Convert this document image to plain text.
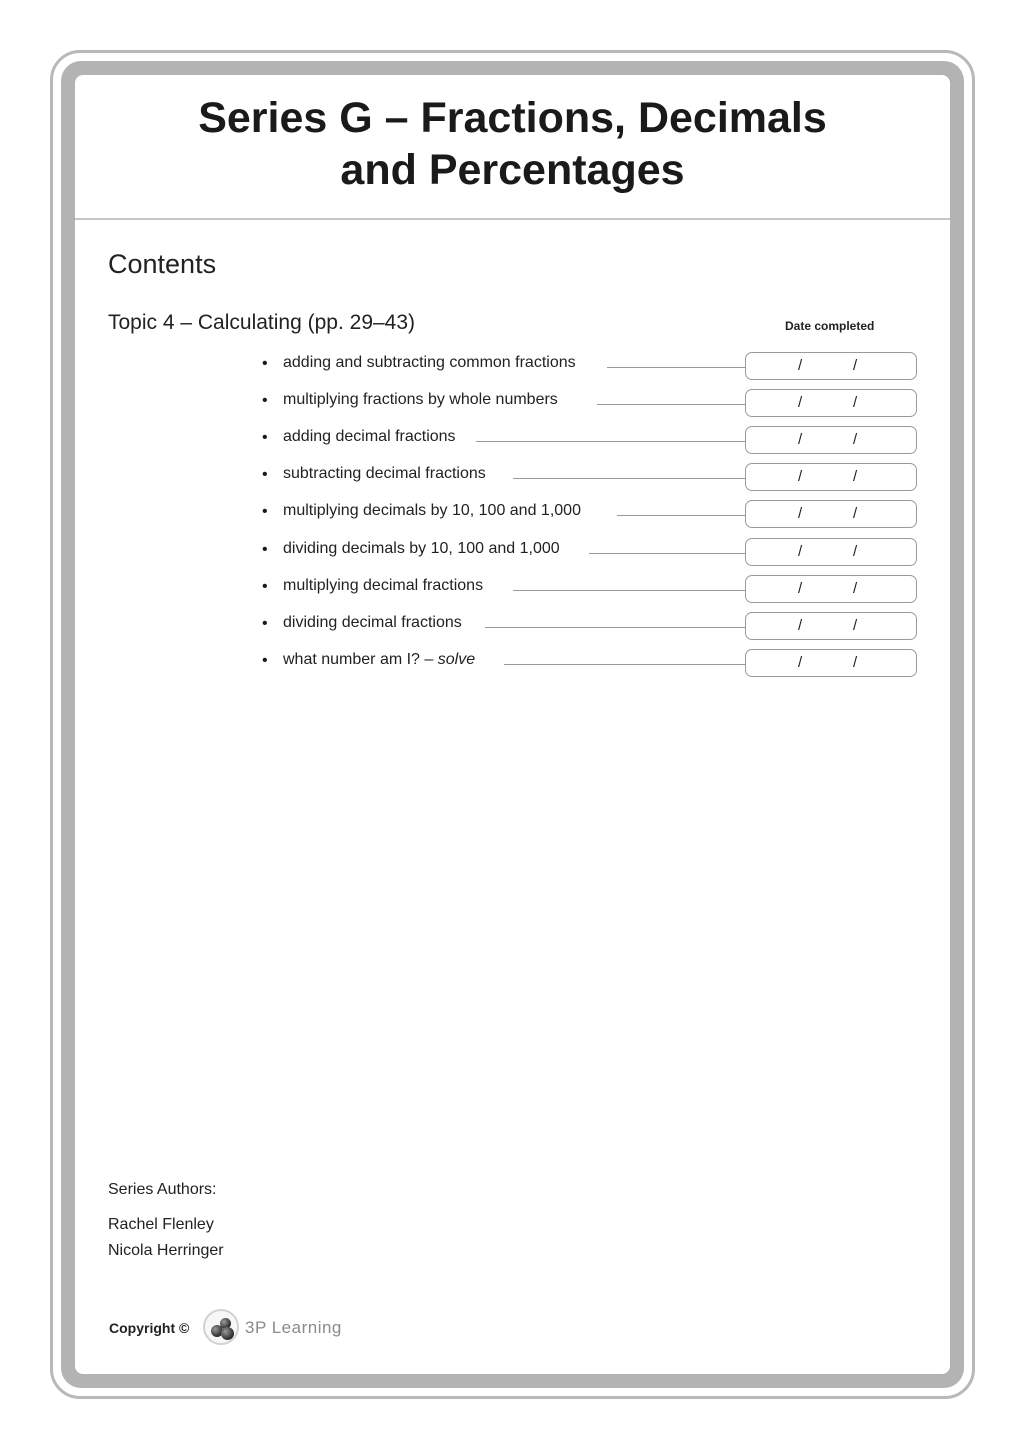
Series G – Fractions, Decimals
and Percentages
Contents
Topic 4 – Calculating (pp. 29–43)	Date completed
• adding and subtracting common fractions	/	/
• multiplying fractions by whole numbers	/	/
• adding decimal fractions	/	/
• subtracting decimal fractions	/	/
• multiplying decimals by 10, 100 and 1,000	/	/
• dividing decimals by 10, 100 and 1,000	/	/
• multiplying decimal fractions	/	/
• dividing decimal fractions	/	/
• what number am I? – solve	/	/
Series Authors:
Rachel Flenley
Nicola Herringer
Copyright ©	3P Learning
